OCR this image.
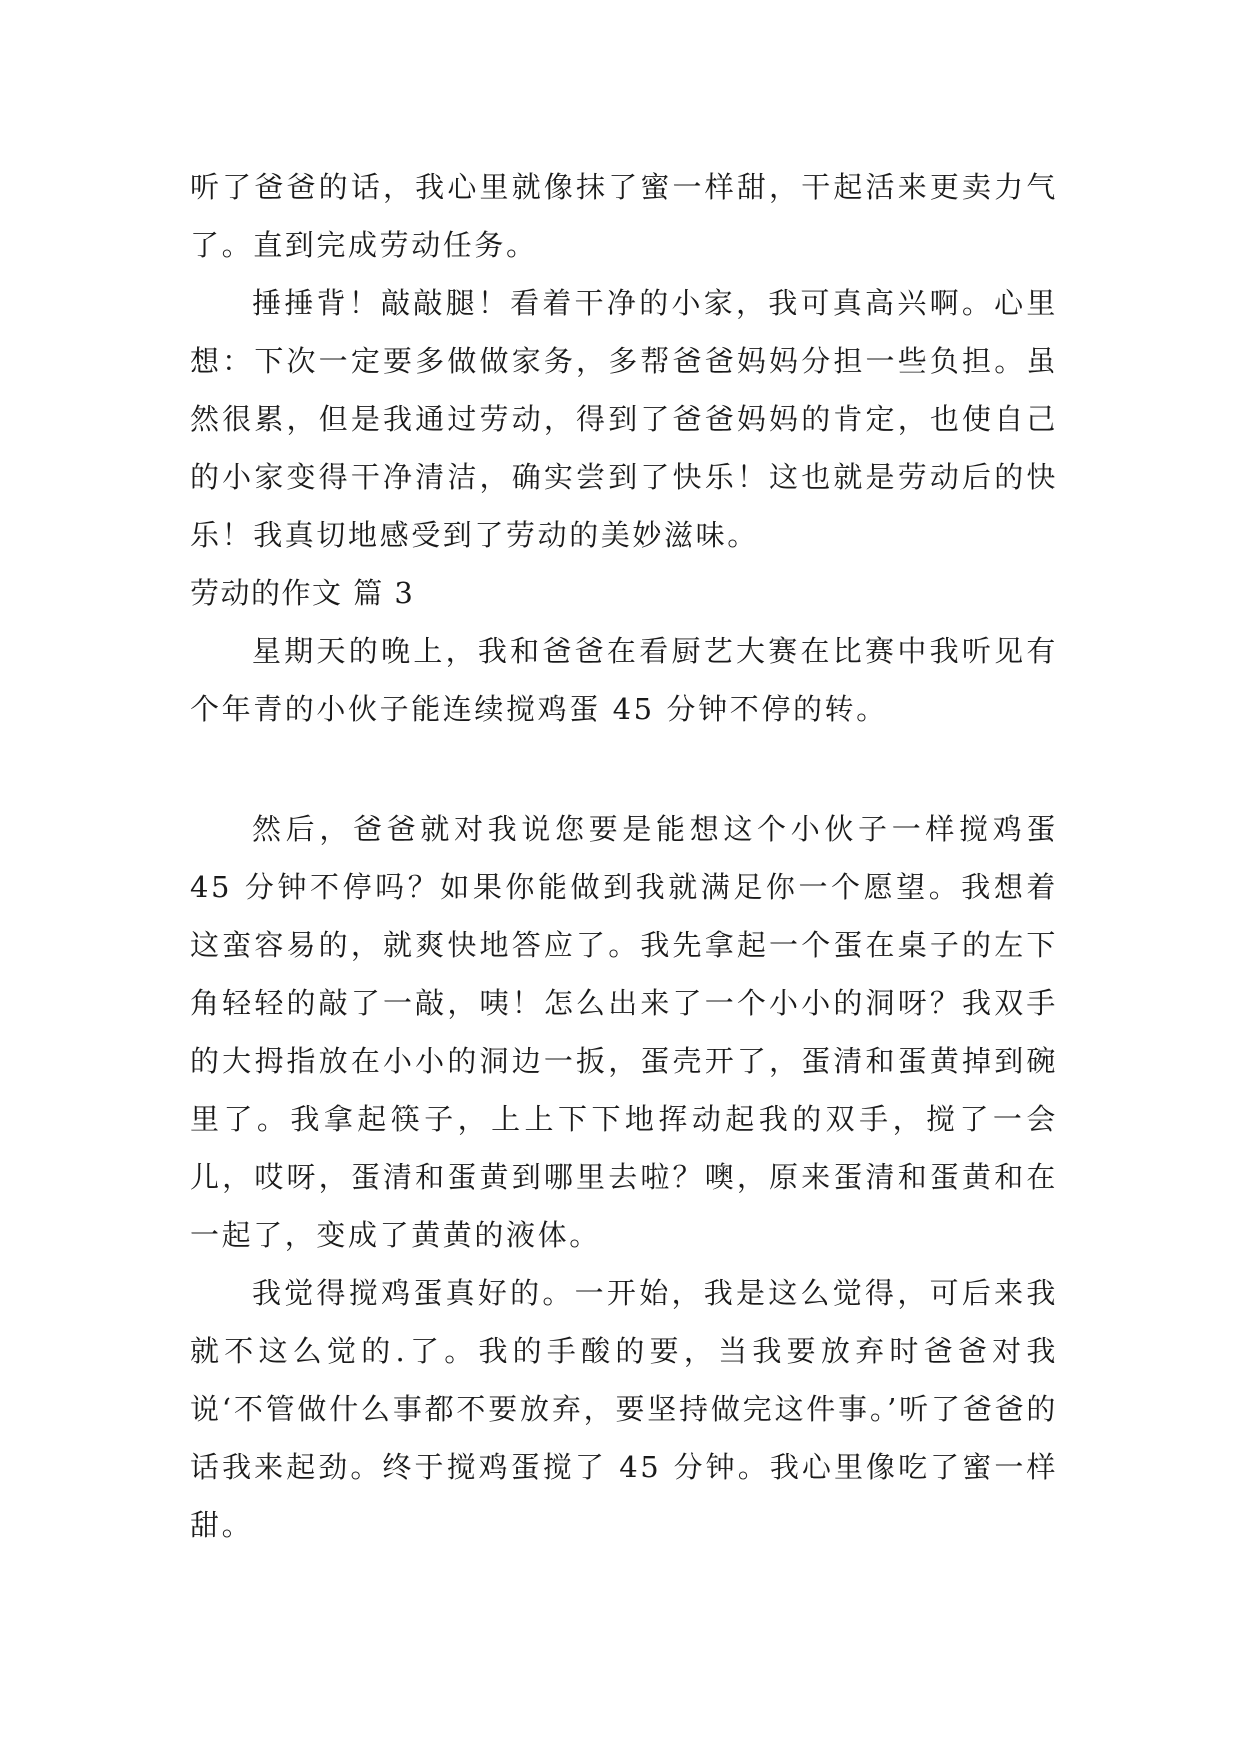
听了爸爸的话，我心里就像抹了蜜一样甜，干起活来更卖力气了。直到完成劳动任务。

捶捶背！敲敲腿！看着干净的小家，我可真高兴啊。心里想：下次一定要多做做家务，多帮爸爸妈妈分担一些负担。虽然很累，但是我通过劳动，得到了爸爸妈妈的肯定，也使自己的小家变得干净清洁，确实尝到了快乐！这也就是劳动后的快乐！我真切地感受到了劳动的美妙滋味。

劳动的作文 篇 3

星期天的晚上，我和爸爸在看厨艺大赛在比赛中我听见有个年青的小伙子能连续搅鸡蛋 45 分钟不停的转。

然后，爸爸就对我说您要是能想这个小伙子一样搅鸡蛋 45 分钟不停吗？如果你能做到我就满足你一个愿望。我想着这蛮容易的，就爽快地答应了。我先拿起一个蛋在桌子的左下角轻轻的敲了一敲，咦！怎么出来了一个小小的洞呀？我双手的大拇指放在小小的洞边一扳，蛋壳开了，蛋清和蛋黄掉到碗里了。我拿起筷子，上上下下地挥动起我的双手，搅了一会儿，哎呀，蛋清和蛋黄到哪里去啦？噢，原来蛋清和蛋黄和在一起了，变成了黄黄的液体。

我觉得搅鸡蛋真好的。一开始，我是这么觉得，可后来我就不这么觉的.了。我的手酸的要，当我要放弃时爸爸对我说‘不管做什么事都不要放弃，要坚持做完这件事。’听了爸爸的话我来起劲。终于搅鸡蛋搅了 45 分钟。我心里像吃了蜜一样甜。
